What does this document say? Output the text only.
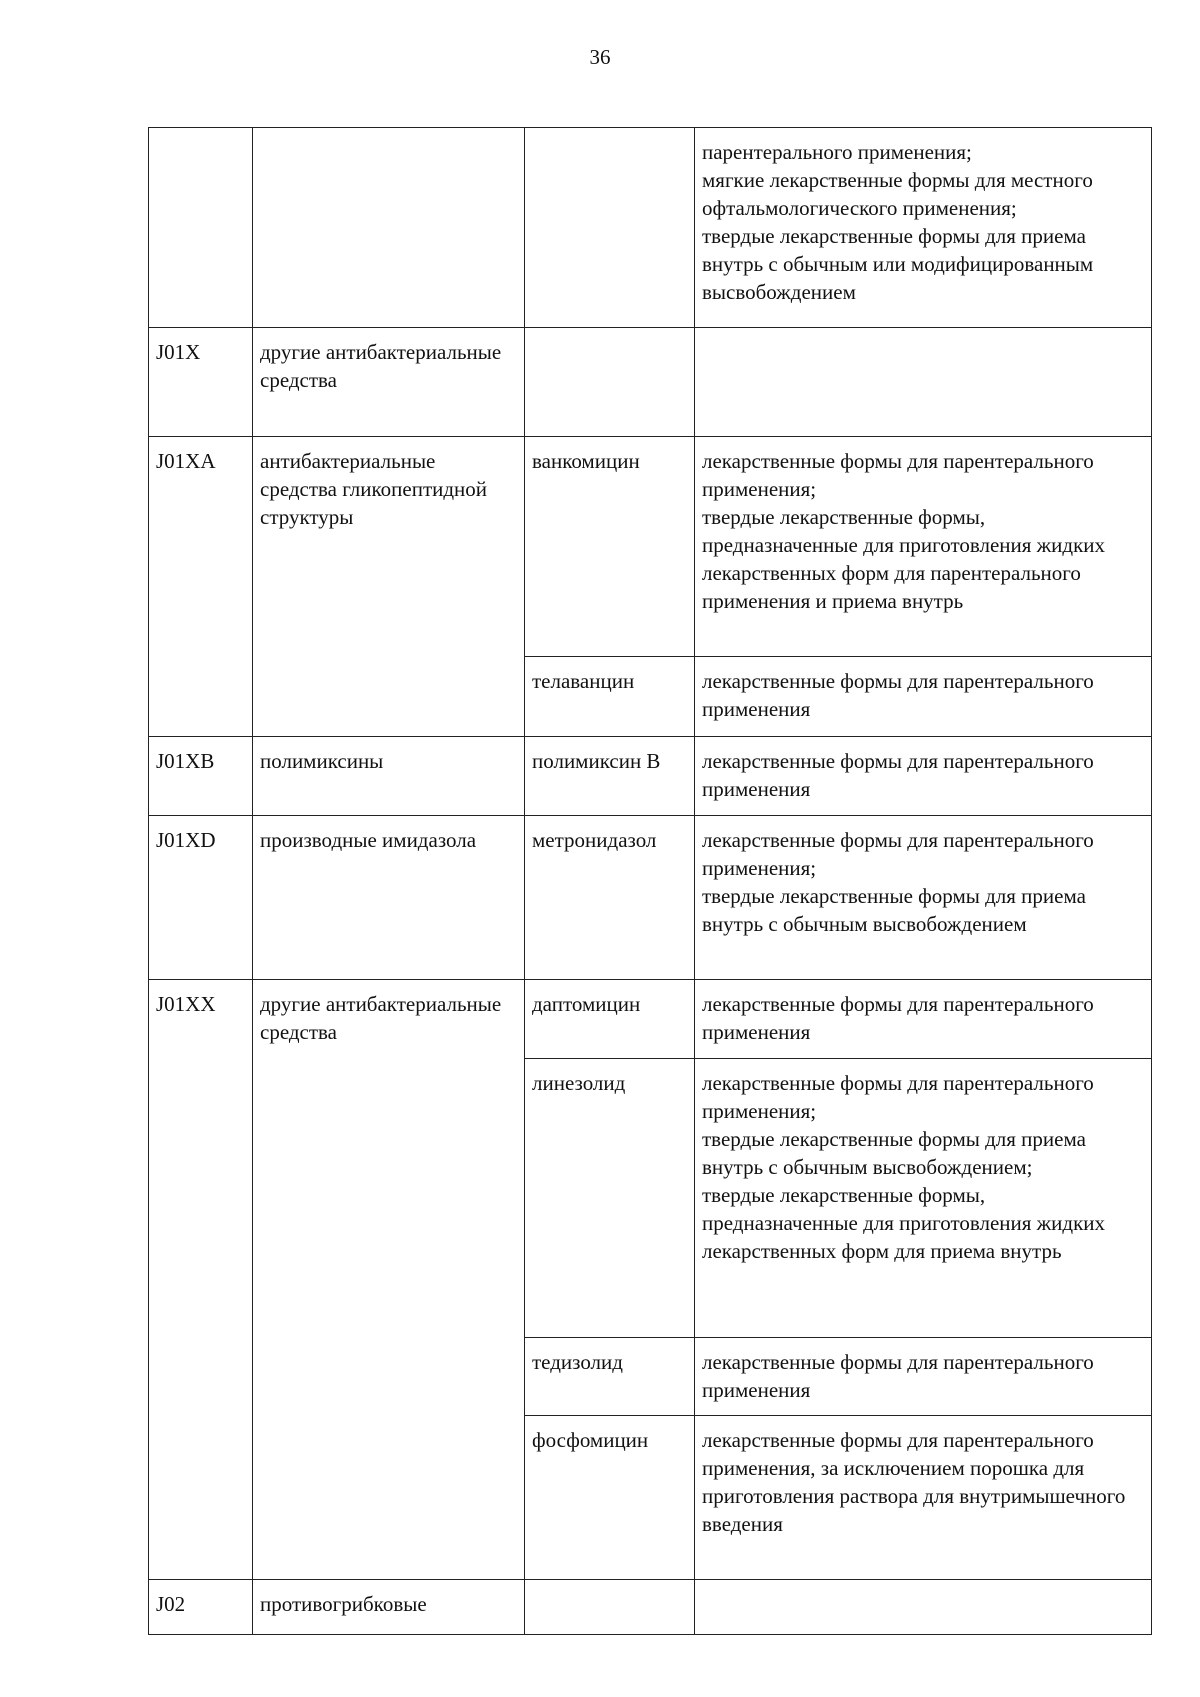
36
			парентерального применения;
мягкие лекарственные формы для местного офтальмологического применения;
твердые лекарственные формы для приема внутрь с обычным или модифицированным высвобождением
J01X	другие антибактериальные средства		
J01XA	антибактериальные средства гликопептидной структуры	ванкомицин	лекарственные формы для парентерального применения;
твердые лекарственные формы, предназначенные для приготовления жидких лекарственных форм для парентерального применения и приема внутрь
		телаванцин	лекарственные формы для парентерального применения
J01XB	полимиксины	полимиксин В	лекарственные формы для парентерального применения
J01XD	производные имидазола	метронидазол	лекарственные формы для парентерального применения;
твердые лекарственные формы для приема внутрь с обычным высвобождением
J01XX	другие антибактериальные средства	даптомицин	лекарственные формы для парентерального применения
		линезолид	лекарственные формы для парентерального применения;
твердые лекарственные формы для приема внутрь с обычным высвобождением;
твердые лекарственные формы, предназначенные для приготовления жидких лекарственных форм для приема внутрь
		тедизолид	лекарственные формы для парентерального применения
		фосфомицин	лекарственные формы для парентерального применения, за исключением порошка для приготовления раствора для внутримышечного введения
J02	противогрибковые		
